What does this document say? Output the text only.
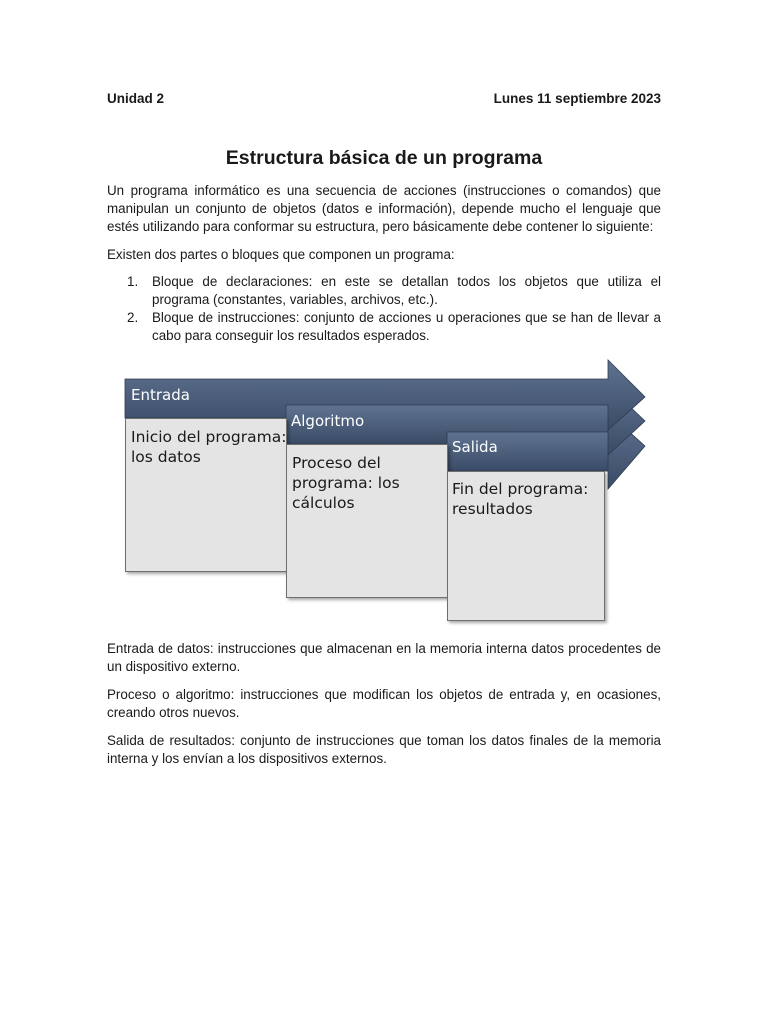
Unidad 2	Lunes 11 septiembre 2023
Estructura básica de un programa

Un programa informático es una secuencia de acciones (instrucciones o comandos) que manipulan un conjunto de objetos (datos e información), depende mucho el lenguaje que estés utilizando para conformar su estructura, pero básicamente debe contener lo siguiente:

Existen dos partes o bloques que componen un programa:

1. Bloque de declaraciones: en este se detallan todos los objetos que utiliza el programa (constantes, variables, archivos, etc.).
2. Bloque de instrucciones: conjunto de acciones u operaciones que se han de llevar a cabo para conseguir los resultados esperados.
Entrada
Algoritmo
Salida
Inicio del programa:
los datos	Proceso del
programa: los
cálculos
Fin del programa:
resultados

Entrada de datos: instrucciones que almacenan en la memoria interna datos procedentes de un dispositivo externo.

Proceso o algoritmo: instrucciones que modifican los objetos de entrada y, en ocasiones, creando otros nuevos.

Salida de resultados: conjunto de instrucciones que toman los datos finales de la memoria interna y los envían a los dispositivos externos.
